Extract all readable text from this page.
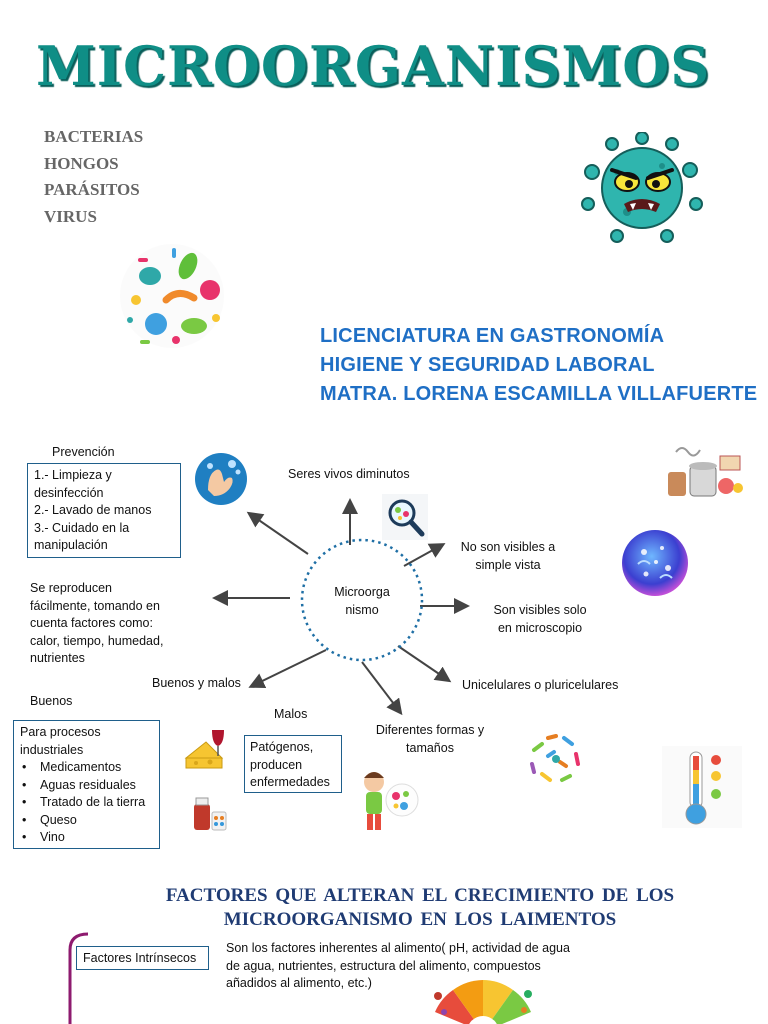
MICROORGANISMOS
BACTERIAS
HONGOS
PARÁSITOS
VIRUS
LICENCIATURA EN GASTRONOMÍA
HIGIENE Y SEGURIDAD LABORAL
MATRA. LORENA ESCAMILLA VILLAFUERTE
Microorga
nismo
Prevención
1.- Limpieza y desinfección
2.- Lavado de manos
3.- Cuidado en la manipulación
Seres vivos diminutos
No son visibles a
simple vista
Son visibles solo
en microscopio
Se reproducen
fácilmente, tomando en
cuenta factores como:
calor, tiempo, humedad,
nutrientes
Unicelulares o pluricelulares
Buenos y malos
Buenos
Para procesos
industriales
• Medicamentos
• Aguas residuales
• Tratado de la tierra
• Queso
• Vino
Malos
Patógenos,
producen
enfermedades
Diferentes formas y
tamaños
FACTORES QUE ALTERAN EL CRECIMIENTO DE LOS
MICROORGANISMO EN LOS LAIMENTOS
Factores Intrínsecos
Son los factores inherentes al alimento( pH, actividad de agua
de agua, nutrientes, estructura del alimento, compuestos
añadidos al alimento, etc.)
